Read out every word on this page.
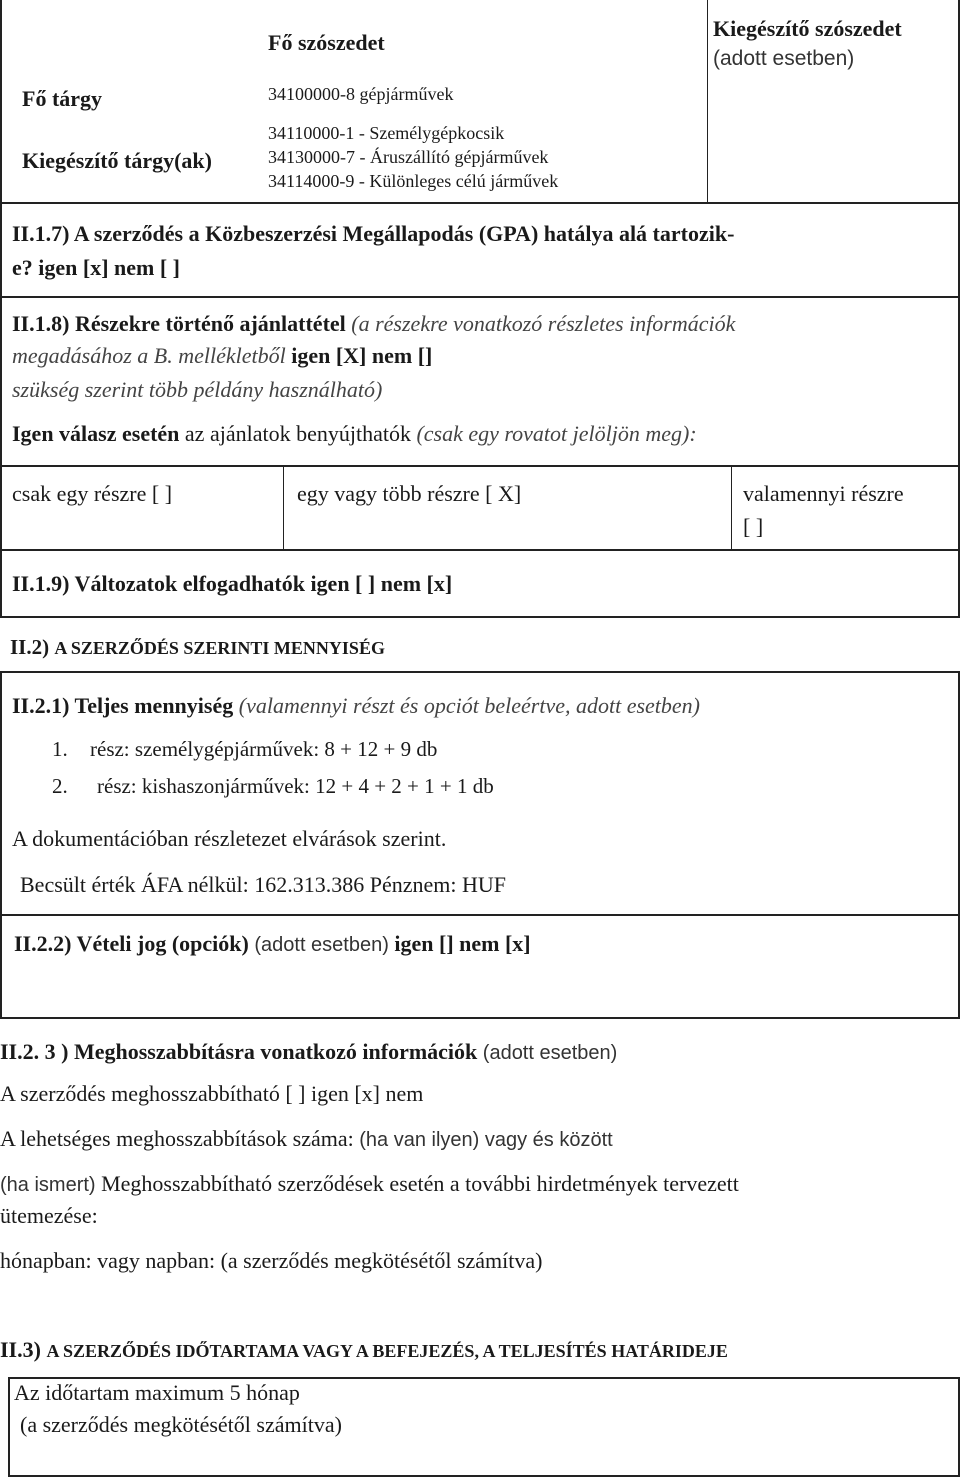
Fő szószedet
Kiegészítő szószedet
(adott esetben)
Fő tárgy	34100000-8 gépjárművek
Kiegészítő tárgy(ak)
34110000-1 - Személygépkocsik
34130000-7 - Áruszállító gépjárművek
34114000-9 - Különleges célú járművek
II.1.7) A szerződés a Közbeszerzési Megállapodás (GPA) hatálya alá tartozik-
e? igen [x] nem [ ]
II.1.8) Részekre történő ajánlattétel (a részekre vonatkozó részletes információk
megadásához a B. mellékletből igen [X] nem []
szükség szerint több példány használható)
Igen válasz esetén az ajánlatok benyújthatók (csak egy rovatot jelöljön meg):
csak egy részre [ ]	egy vagy több részre [ X]	valamennyi részre
[ ]
II.1.9) Változatok elfogadhatók igen [ ] nem [x]
II.2) A SZERZŐDÉS SZERINTI MENNYISÉG
II.2.1) Teljes mennyiség (valamennyi részt és opciót beleértve, adott esetben)
1. rész: személygépjárművek: 8 + 12 + 9 db
2. rész: kishaszonjárművek: 12 + 4 + 2 + 1 + 1 db
A dokumentációban részletezet elvárások szerint.
Becsült érték ÁFA nélkül: 162.313.386 Pénznem: HUF
II.2.2) Vételi jog (opciók) (adott esetben) igen [] nem [x]
II.2. 3 ) Meghosszabbításra vonatkozó információk (adott esetben)
A szerződés meghosszabbítható [ ] igen [x] nem
A lehetséges meghosszabbítások száma: (ha van ilyen) vagy és között
(ha ismert) Meghosszabbítható szerződések esetén a további hirdetmények tervezett
ütemezése:
hónapban: vagy napban: (a szerződés megkötésétől számítva)
II.3) A SZERZŐDÉS IDŐTARTAMA VAGY A BEFEJEZÉS, A TELJESÍTÉS HATÁRIDEJE
Az időtartam maximum 5 hónap
(a szerződés megkötésétől számítva)
